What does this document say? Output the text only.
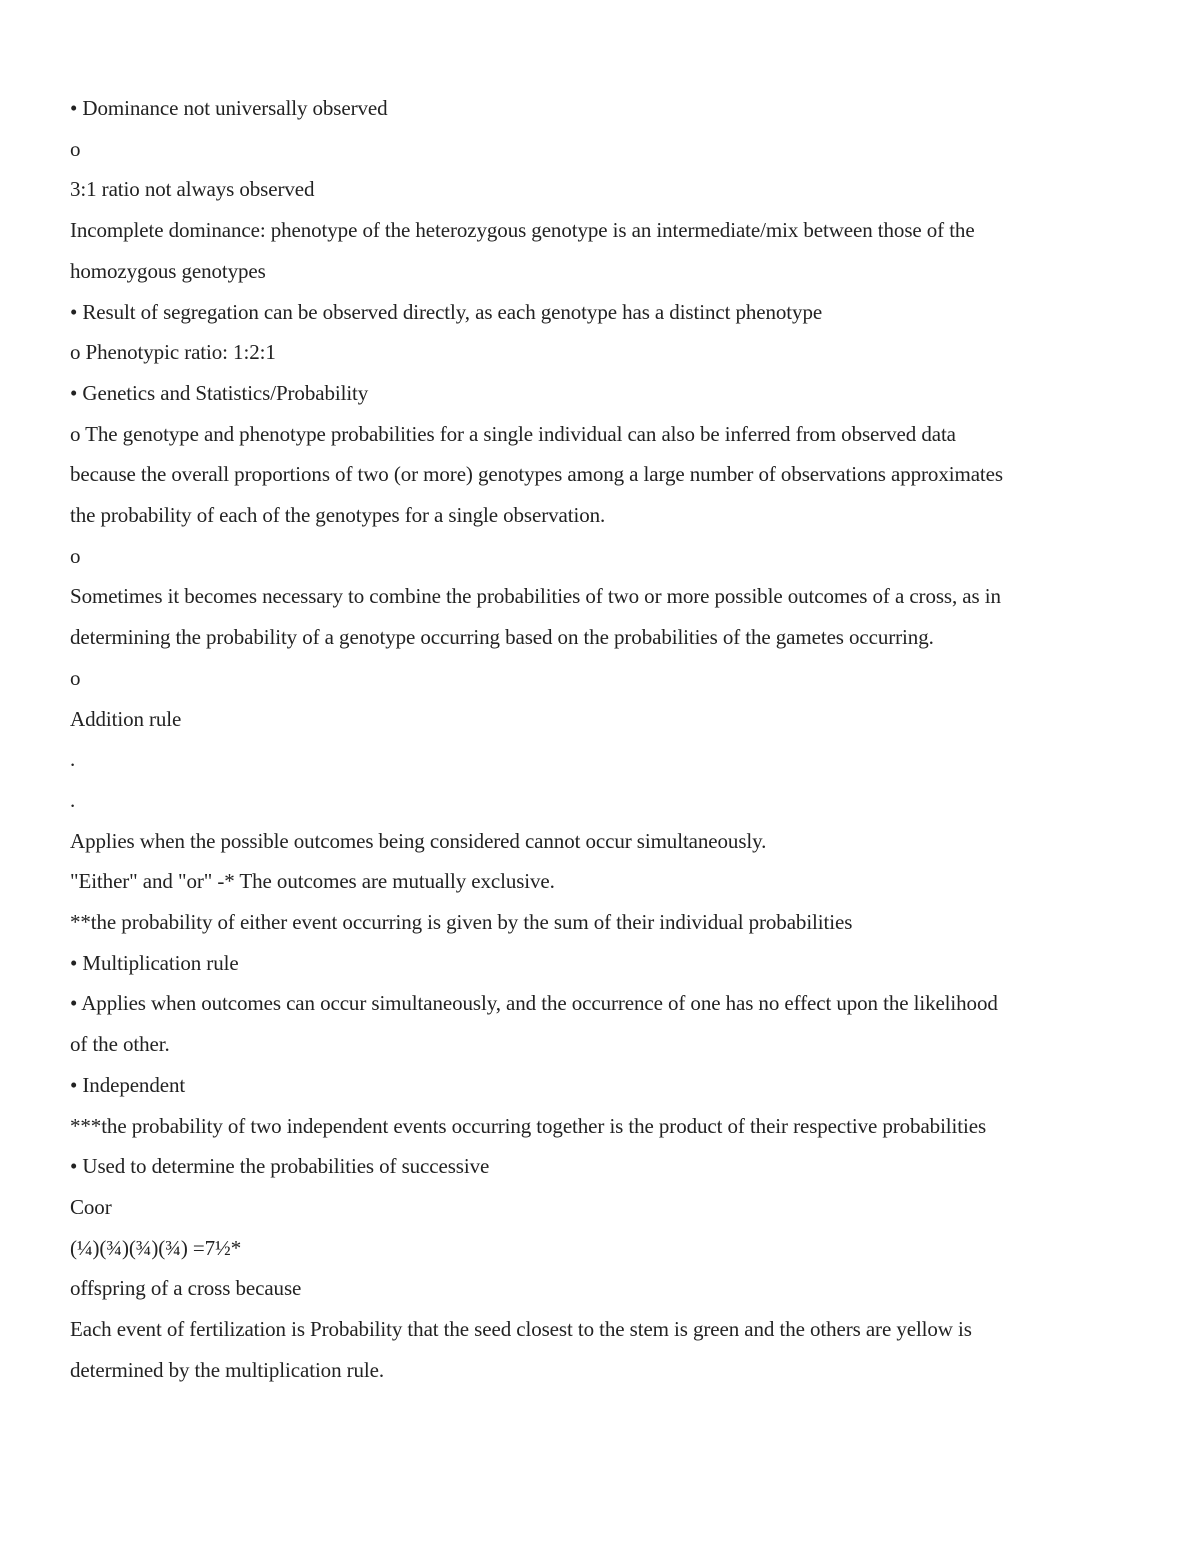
• Dominance not universally observed
o
3:1 ratio not always observed
Incomplete dominance: phenotype of the heterozygous genotype is an intermediate/mix between those of the
homozygous genotypes
• Result of segregation can be observed directly, as each genotype has a distinct phenotype
o Phenotypic ratio: 1:2:1
• Genetics and Statistics/Probability
o The genotype and phenotype probabilities for a single individual can also be inferred from observed data
because the overall proportions of two (or more) genotypes among a large number of observations approximates
the probability of each of the genotypes for a single observation.
o
Sometimes it becomes necessary to combine the probabilities of two or more possible outcomes of a cross, as in
determining the probability of a genotype occurring based on the probabilities of the gametes occurring.
o
Addition rule
.
.
Applies when the possible outcomes being considered cannot occur simultaneously.
"Either" and "or" -* The outcomes are mutually exclusive.
**the probability of either event occurring is given by the sum of their individual probabilities
• Multiplication rule
• Applies when outcomes can occur simultaneously, and the occurrence of one has no effect upon the likelihood
of the other.
• Independent
***the probability of two independent events occurring together is the product of their respective probabilities
• Used to determine the probabilities of successive
Coor
(¼)(¾)(¾)(¾) =7½*
offspring of a cross because
Each event of fertilization is Probability that the seed closest to the stem is green and the others are yellow is
determined by the multiplication rule.
